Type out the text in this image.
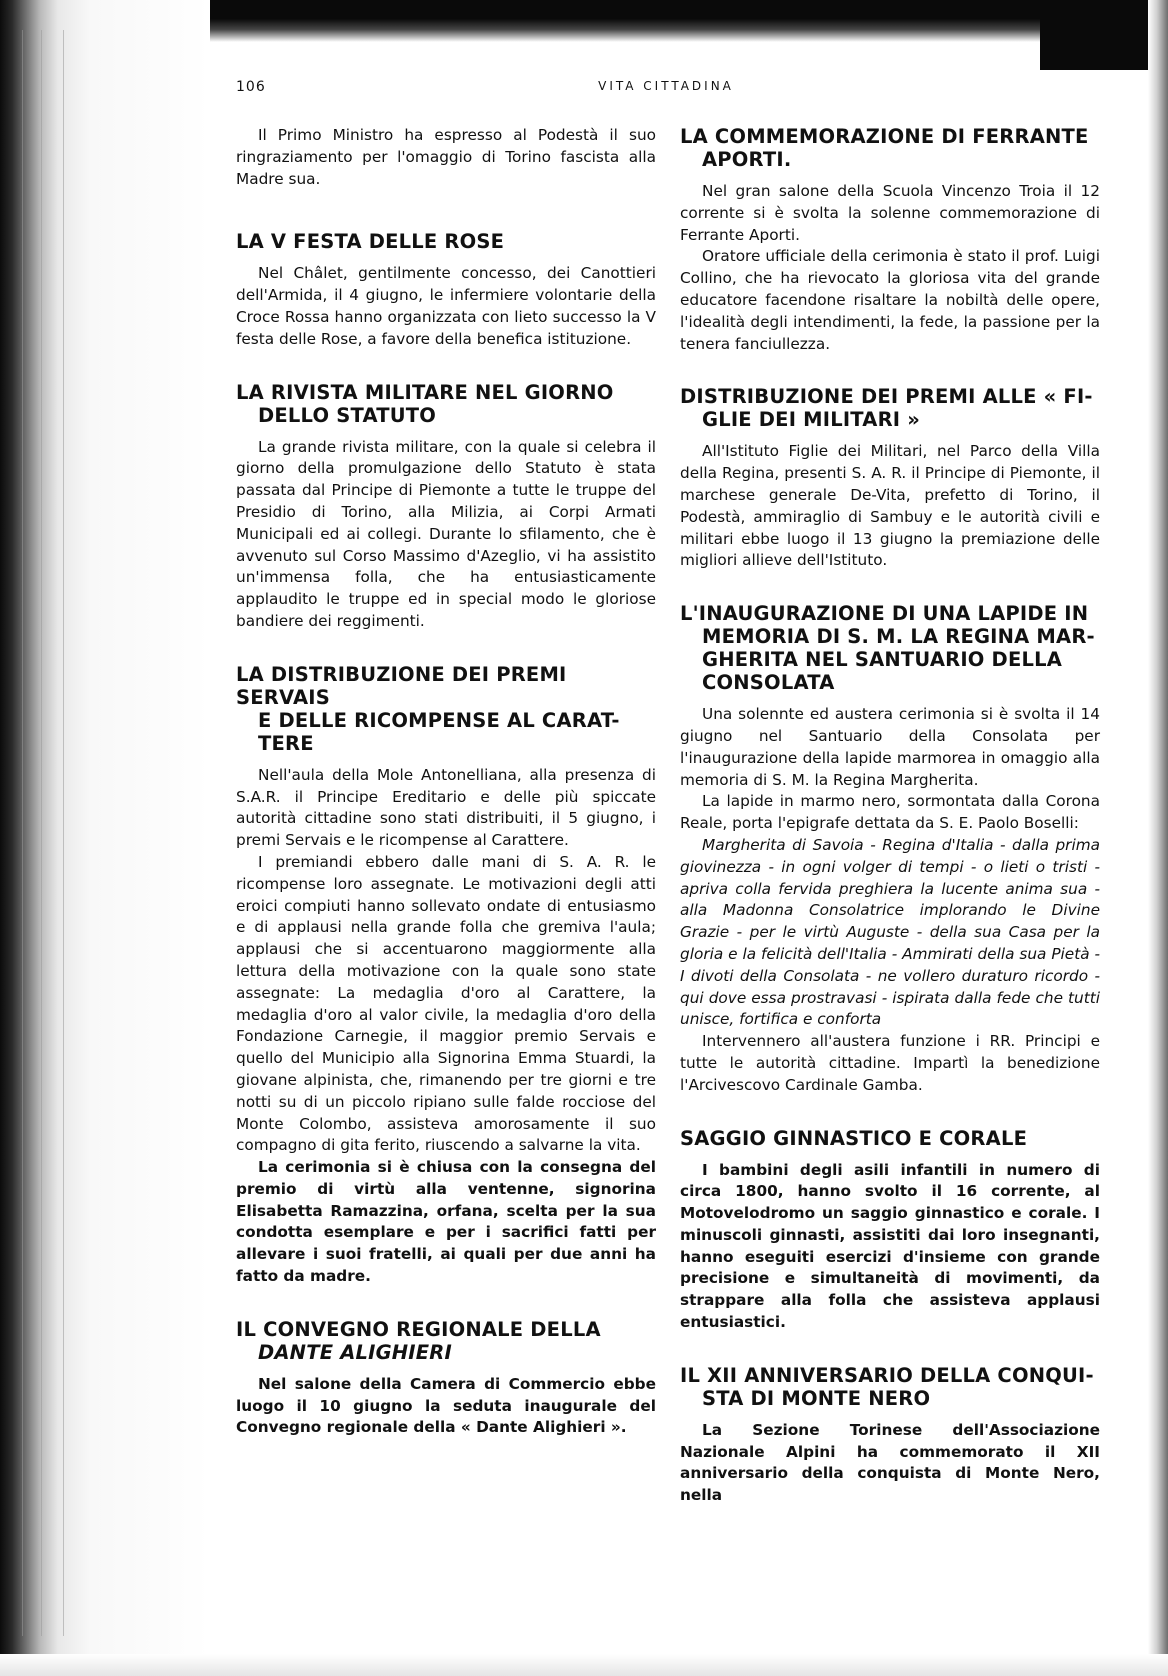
106	VITA CITTADINA

Il Primo Ministro ha espresso al Podestà il suo ringraziamento per l'omaggio di Torino fascista alla Madre sua.

LA V FESTA DELLE ROSE

Nel Châlet, gentilmente concesso, dei Canottieri dell'Armida, il 4 giugno, le infermiere volontarie della Croce Rossa hanno organizzata con lieto successo la V festa delle Rose, a favore della benefica istituzione.

LA RIVISTA MILITARE NEL GIORNO
DELLO STATUTO

La grande rivista militare, con la quale si celebra il giorno della promulgazione dello Statuto è stata passata dal Principe di Piemonte a tutte le truppe del Presidio di Torino, alla Milizia, ai Corpi Armati Municipali ed ai collegi. Durante lo sfilamento, che è avvenuto sul Corso Massimo d'Azeglio, vi ha assistito un'immensa folla, che ha entusiasticamente applaudito le truppe ed in special modo le gloriose bandiere dei reggimenti.

LA DISTRIBUZIONE DEI PREMI SERVAIS
E DELLE RICOMPENSE AL CARAT-
TERE

Nell'aula della Mole Antonelliana, alla presenza di S.A.R. il Principe Ereditario e delle più spiccate autorità cittadine sono stati distribuiti, il 5 giugno, i premi Servais e le ricompense al Carattere.

I premiandi ebbero dalle mani di S. A. R. le ricompense loro assegnate. Le motivazioni degli atti eroici compiuti hanno sollevato ondate di entusiasmo e di applausi nella grande folla che gremiva l'aula; applausi che si accentuarono maggiormente alla lettura della motivazione con la quale sono state assegnate: La medaglia d'oro al Carattere, la medaglia d'oro al valor civile, la medaglia d'oro della Fondazione Carnegie, il maggior premio Servais e quello del Municipio alla Signorina Emma Stuardi, la giovane alpinista, che, rimanendo per tre giorni e tre notti su di un piccolo ripiano sulle falde rocciose del Monte Colombo, assisteva amorosamente il suo compagno di gita ferito, riuscendo a salvarne la vita.

La cerimonia si è chiusa con la consegna del premio di virtù alla ventenne, signorina Elisabetta Ramazzina, orfana, scelta per la sua condotta esemplare e per i sacrifici fatti per allevare i suoi fratelli, ai quali per due anni ha fatto da madre.

IL CONVEGNO REGIONALE DELLA
DANTE ALIGHIERI

Nel salone della Camera di Commercio ebbe luogo il 10 giugno la seduta inaugurale del Convegno regionale della « Dante Alighieri ».

LA COMMEMORAZIONE DI FERRANTE
APORTI.

Nel gran salone della Scuola Vincenzo Troia il 12 corrente si è svolta la solenne commemorazione di Ferrante Aporti.

Oratore ufficiale della cerimonia è stato il prof. Luigi Collino, che ha rievocato la gloriosa vita del grande educatore facendone risaltare la nobiltà delle opere, l'idealità degli intendimenti, la fede, la passione per la tenera fanciullezza.

DISTRIBUZIONE DEI PREMI ALLE « FI-
GLIE DEI MILITARI »

All'Istituto Figlie dei Militari, nel Parco della Villa della Regina, presenti S. A. R. il Principe di Piemonte, il marchese generale De-Vita, prefetto di Torino, il Podestà, ammiraglio di Sambuy e le autorità civili e militari ebbe luogo il 13 giugno la premiazione delle migliori allieve dell'Istituto.

L'INAUGURAZIONE DI UNA LAPIDE IN
MEMORIA DI S. M. LA REGINA MAR-
GHERITA NEL SANTUARIO DELLA
CONSOLATA

Una solennte ed austera cerimonia si è svolta il 14 giugno nel Santuario della Consolata per l'inaugurazione della lapide marmorea in omaggio alla memoria di S. M. la Regina Margherita.

La lapide in marmo nero, sormontata dalla Corona Reale, porta l'epigrafe dettata da S. E. Paolo Boselli:

Margherita di Savoia - Regina d'Italia - dalla prima giovinezza - in ogni volger di tempi - o lieti o tristi - apriva colla fervida preghiera la lucente anima sua - alla Madonna Consolatrice implorando le Divine Grazie - per le virtù Auguste - della sua Casa per la gloria e la felicità dell'Italia - Ammirati della sua Pietà - I divoti della Consolata - ne vollero duraturo ricordo - qui dove essa prostravasi - ispirata dalla fede che tutti unisce, fortifica e conforta

Intervennero all'austera funzione i RR. Principi e tutte le autorità cittadine. Impartì la benedizione l'Arcivescovo Cardinale Gamba.

SAGGIO GINNASTICO E CORALE

I bambini degli asili infantili in numero di circa 1800, hanno svolto il 16 corrente, al Motovelodromo un saggio ginnastico e corale. I minuscoli ginnasti, assistiti dai loro insegnanti, hanno eseguiti esercizi d'insieme con grande precisione e simultaneità di movimenti, da strappare alla folla che assisteva applausi entusiastici.

IL XII ANNIVERSARIO DELLA CONQUI-
STA DI MONTE NERO

La Sezione Torinese dell'Associazione Nazionale Alpini ha commemorato il XII anniversario della conquista di Monte Nero, nella
